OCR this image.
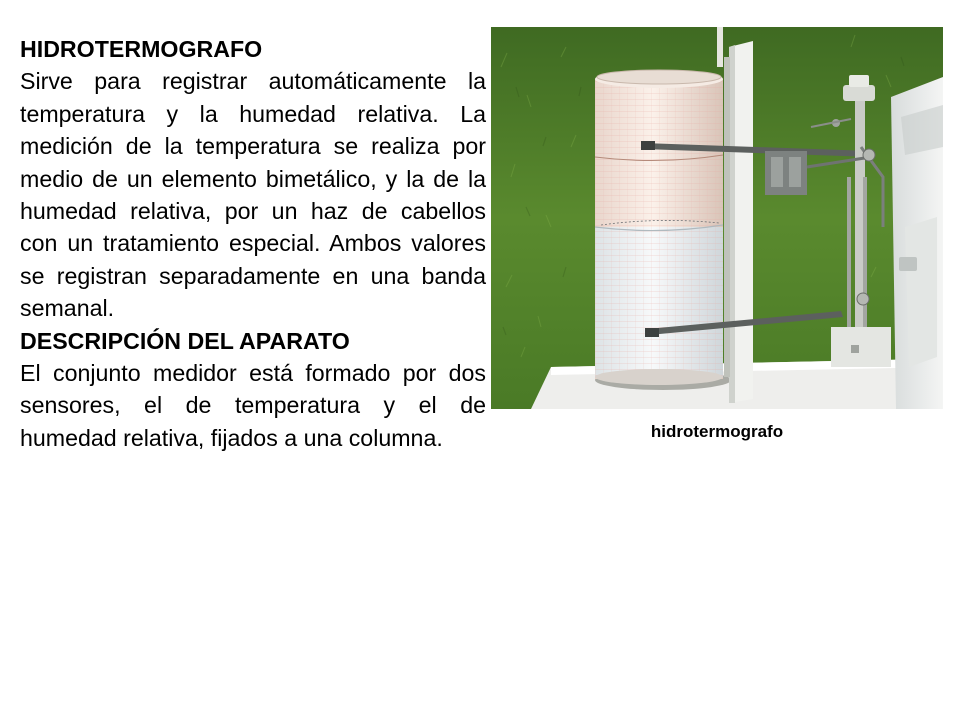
HIDROTERMOGRAFO

Sirve para registrar automáticamente la temperatura y la humedad relativa. La medición de la temperatura se realiza por medio de un elemento bimetálico, y la de la humedad relativa, por un haz de cabellos con un tratamiento especial. Ambos valores se registran separadamente en una banda semanal.

DESCRIPCIÓN DEL APARATO

El conjunto medidor está formado por dos sensores, el de temperatura y el de humedad relativa, fijados a una columna.	hidrotermografo
